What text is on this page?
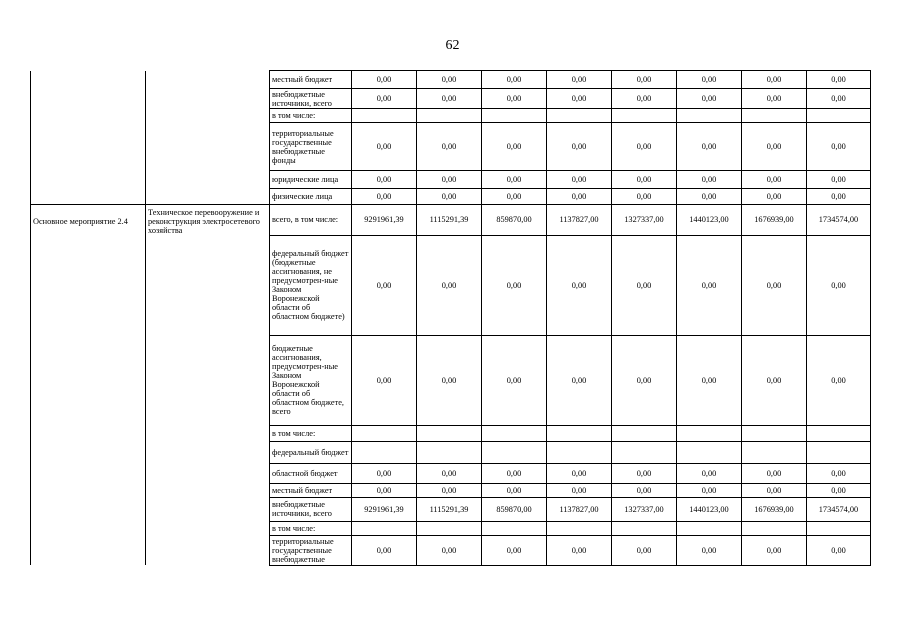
62
		местный бюджет	0,00	0,00	0,00	0,00	0,00	0,00	0,00	0,00
		внебюджетные источники, всего	0,00	0,00	0,00	0,00	0,00	0,00	0,00	0,00
		в том числе:								
		территориальные государственные внебюджетные фонды	0,00	0,00	0,00	0,00	0,00	0,00	0,00	0,00
		юридические лица	0,00	0,00	0,00	0,00	0,00	0,00	0,00	0,00
		физические лица	0,00	0,00	0,00	0,00	0,00	0,00	0,00	0,00

Основное мероприятие 2.4	Техническое перевооружение и реконструкция электросетевого хозяйства	всего, в том числе:	9291961,39	1115291,39	859870,00	1137827,00	1327337,00	1440123,00	1676939,00	1734574,00
		федеральный бюджет (бюджетные ассигнования, не предусмотрен-ные Законом Воронежской области об областном бюджете)	0,00	0,00	0,00	0,00	0,00	0,00	0,00	0,00
		бюджетные ассигнования, предусмотрен-ные Законом Воронежской области об областном бюджете, всего	0,00	0,00	0,00	0,00	0,00	0,00	0,00	0,00
		в том числе:								
		федеральный бюджет								
		областной бюджет	0,00	0,00	0,00	0,00	0,00	0,00	0,00	0,00
		местный бюджет	0,00	0,00	0,00	0,00	0,00	0,00	0,00	0,00
		внебюджетные источники, всего	9291961,39	1115291,39	859870,00	1137827,00	1327337,00	1440123,00	1676939,00	1734574,00
		в том числе:								
		территориальные государственные внебюджетные	0,00	0,00	0,00	0,00	0,00	0,00	0,00	0,00
